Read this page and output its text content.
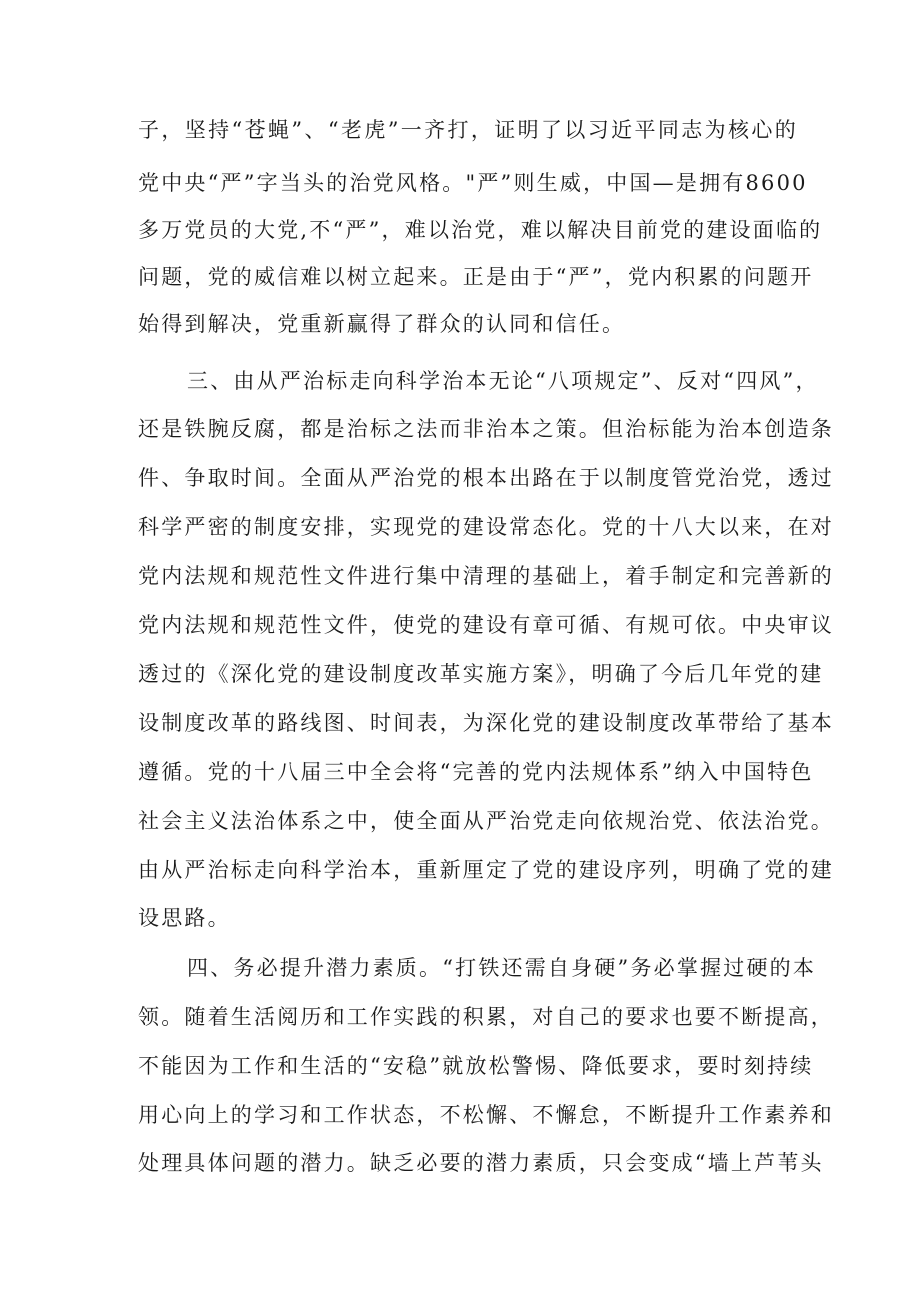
子，坚持“苍蝇”、“老虎”一齐打，证明了以习近平同志为核心的
党中央“严”字当头的治党风格。"严”则生威，中国—是拥有8600
多万党员的大党,不“严”，难以治党，难以解决目前党的建设面临的
问题，党的威信难以树立起来。正是由于“严”，党内积累的问题开
始得到解决，党重新赢得了群众的认同和信任。
三、由从严治标走向科学治本无论“八项规定”、反对“四风”，
还是铁腕反腐，都是治标之法而非治本之策。但治标能为治本创造条
件、争取时间。全面从严治党的根本出路在于以制度管党治党，透过
科学严密的制度安排，实现党的建设常态化。党的十八大以来，在对
党内法规和规范性文件进行集中清理的基础上，着手制定和完善新的
党内法规和规范性文件，使党的建设有章可循、有规可依。中央审议
透过的《深化党的建设制度改革实施方案》，明确了今后几年党的建
设制度改革的路线图、时间表，为深化党的建设制度改革带给了基本
遵循。党的十八届三中全会将“完善的党内法规体系”纳入中国特色
社会主义法治体系之中，使全面从严治党走向依规治党、依法治党。
由从严治标走向科学治本，重新厘定了党的建设序列，明确了党的建
设思路。
四、务必提升潜力素质。“打铁还需自身硬”务必掌握过硬的本
领。随着生活阅历和工作实践的积累，对自己的要求也要不断提高，
不能因为工作和生活的“安稳”就放松警惕、降低要求，要时刻持续
用心向上的学习和工作状态，不松懈、不懈怠，不断提升工作素养和
处理具体问题的潜力。缺乏必要的潜力素质，只会变成“墙上芦苇头
